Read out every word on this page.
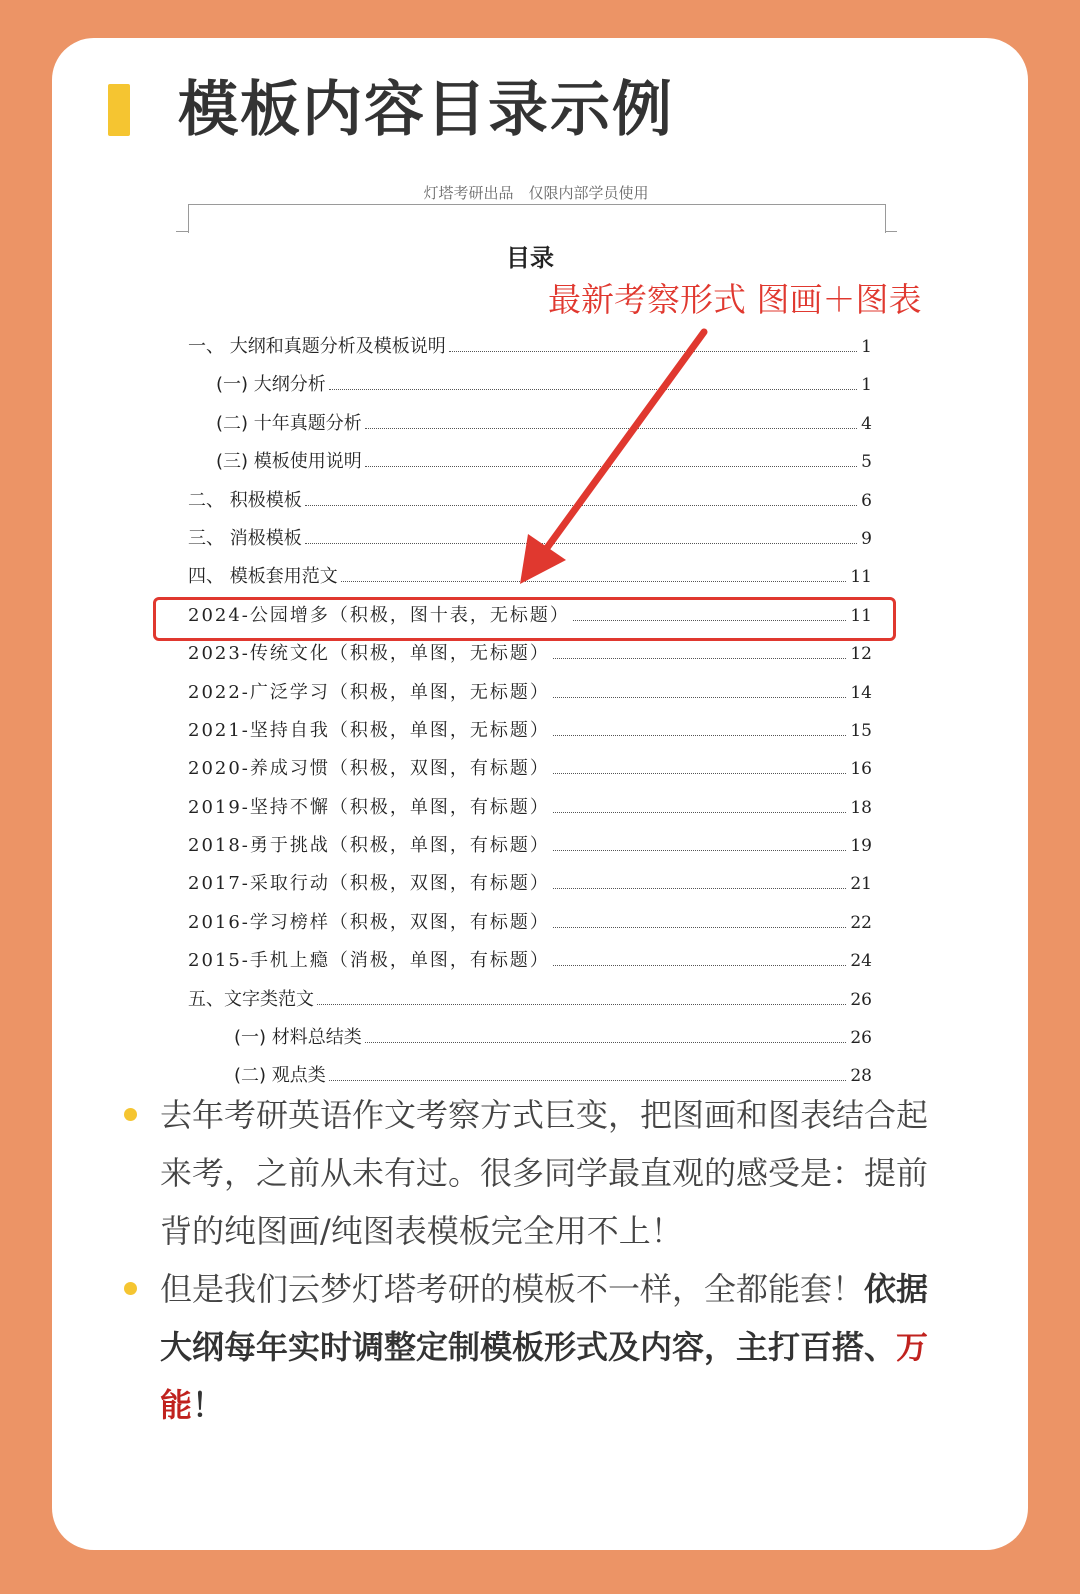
模板内容目录示例
灯塔考研出品　仅限内部学员使用
目录
最新考察形式 图画＋图表
一、 大纲和真题分析及模板说明	1
(一) 大纲分析	1
(二) 十年真题分析	4
(三) 模板使用说明	5
二、 积极模板	6
三、 消极模板	9
四、 模板套用范文	11
2024-公园增多（积极，图十表，无标题）	11
2023-传统文化（积极，单图，无标题）	12
2022-广泛学习（积极，单图，无标题）	14
2021-坚持自我（积极，单图，无标题）	15
2020-养成习惯（积极，双图，有标题）	16
2019-坚持不懈（积极，单图，有标题）	18
2018-勇于挑战（积极，单图，有标题）	19
2017-采取行动（积极，双图，有标题）	21
2016-学习榜样（积极，双图，有标题）	22
2015-手机上瘾（消极，单图，有标题）	24
五、文字类范文	26
(一) 材料总结类	26
(二) 观点类	28
去年考研英语作文考察方式巨变，把图画和图表结合起来考，之前从未有过。很多同学最直观的感受是：提前背的纯图画/纯图表模板完全用不上！
但是我们云梦灯塔考研的模板不一样，全都能套！依据大纲每年实时调整定制模板形式及内容，主打百搭、万能！
